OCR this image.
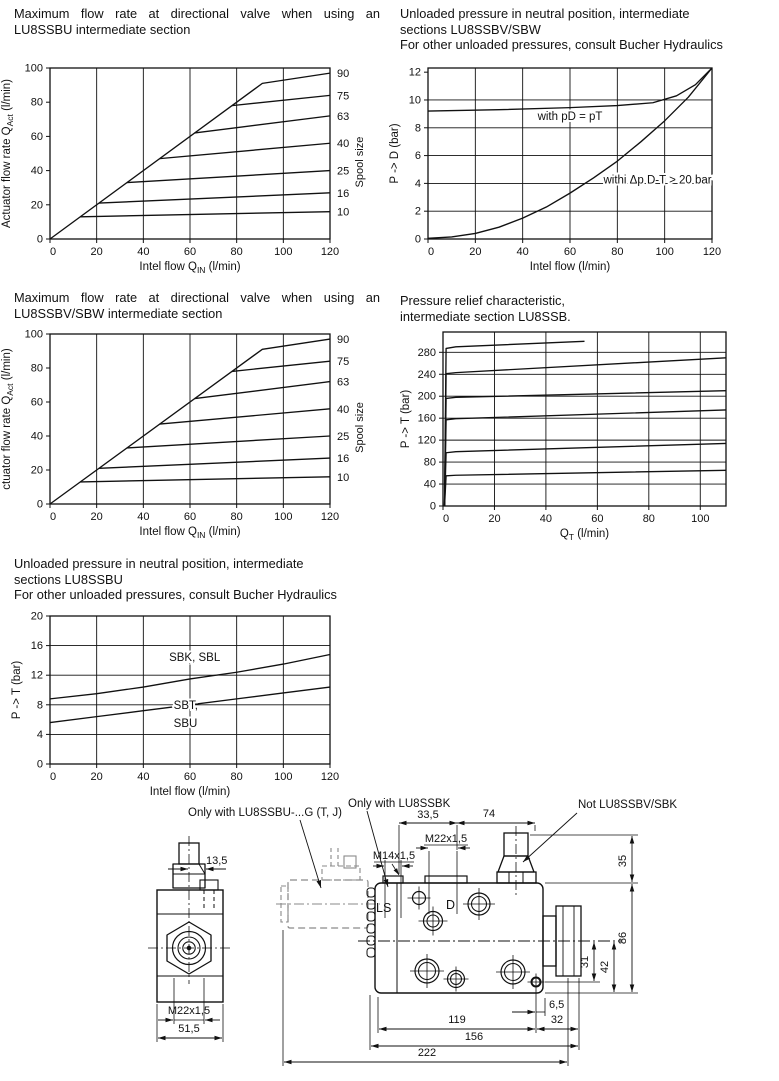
Maximum flow rate at directional valve when using an
LU8SSBU intermediate section
Unloaded pressure in neutral position, intermediate
sections LU8SSBV/SBW
For other unloaded pressures, consult Bucher Hydraulics
Maximum flow rate at directional valve when using an
LU8SSBV/SBW intermediate section
Pressure relief characteristic,
intermediate section LU8SSB.
Unloaded pressure in neutral position, intermediate
sections LU8SSBU
For other unloaded pressures, consult Bucher Hydraulics
0	20	40	60	80	100	120
0
20
40
60
80
100
Intel flow $Q_{IN}$ (l/min)
Actuator flow rate $Q_{Act}$ (l/min)
90
75
63
40
25
16
10
Spool size
0	20	40	60	80	100	120
0
2
4
6
8
10
12
Intel flow (l/min)
P -> D (bar)
with pD = pT
withi Δp D-T > 20 bar
0	20	40	60	80	100	120
0
20
40
60
80
100
Intel flow $Q_{IN}$ (l/min)
ctuator flow rate $Q_{Act}$ (l/min)
90
75
63
40
25
16
10
Spool size
0	20	40	60	80	100
0
40
80
120
160
200
240
280
$Q_T$ (l/min)
P -> T (bar)
0	20	40	60	80	100	120
0
4
8
12
16
20
Intel flow (l/min)
P -> T (bar)
SBK, SBL
SBT,
SBU
13,5
M22x1,5
51,5
LS	D
Only with LU8SSBU-...G (T, J)
Only with LU8SSBK	Not LU8SSBV/SBK
33,5	74
M22x1,5
M14x1,5	35
86
31 42
6,5
119	32
156
222
